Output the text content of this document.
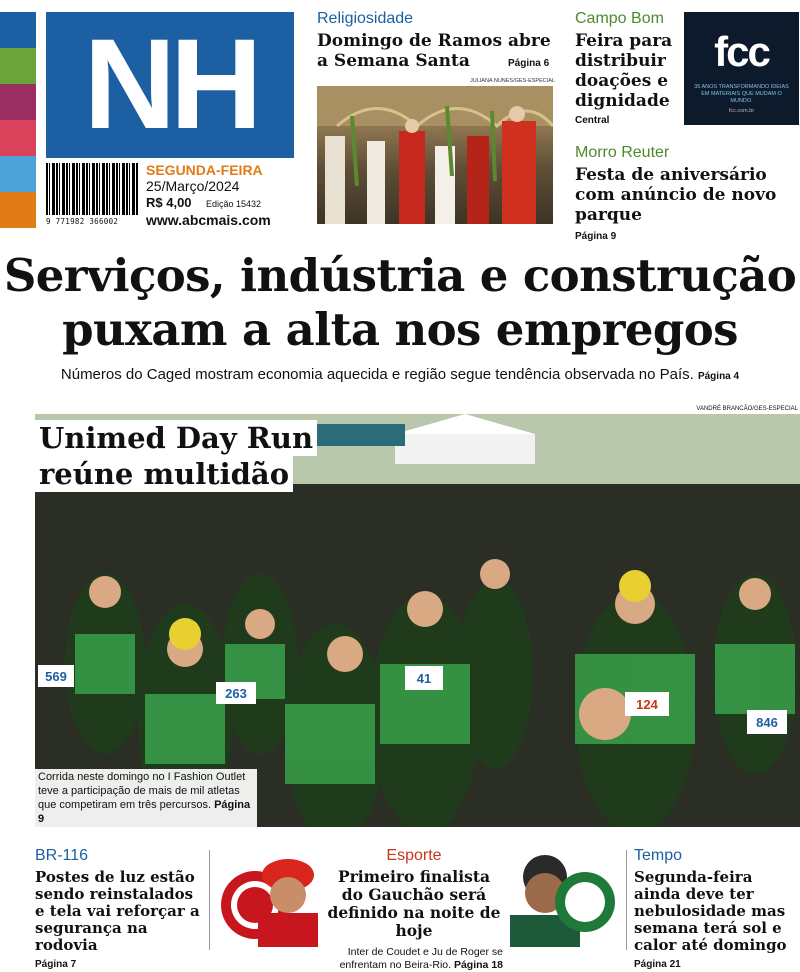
NH
9 771982 366002
SEGUNDA-FEIRA
25/Março/2024
R$ 4,00 Edição 15432
www.abcmais.com
Religiosidade
Domingo de Ramos abre a Semana Santa	Página 6
JULIANA NUNES/GES-ESPECIAL
Campo Bom
Feira para distribuir doações e dignidade
Central
fcc
35 ANOS TRANSFORMANDO IDEIAS EM MATERIAIS QUE MUDAM O MUNDO.
fcc.com.br
Morro Reuter
Festa de aniversário com anúncio de novo parque
Página 9
Serviços, indústria e construção
puxam a alta nos empregos
Números do Caged mostram economia aquecida e região segue tendência observada no País. Página 4
VANDRÉ BRANCÃO/GES-ESPECIAL
569
263
41
124
846
Unimed Day Run
reúne multidão
Corrida neste domingo no I Fashion Outlet teve a participação de mais de mil atletas que competiram em três percursos. Página 9
BR-116
Postes de luz estão sendo reinstalados e tela vai reforçar a segurança na rodovia
Página 7
Esporte
Primeiro finalista do Gauchão será definido na noite de hoje
Inter de Coudet e Ju de Roger se enfrentam no Beira-Rio. Página 18
Tempo
Segunda-feira ainda deve ter nebulosidade mas semana terá sol e calor até domingo
Página 21
